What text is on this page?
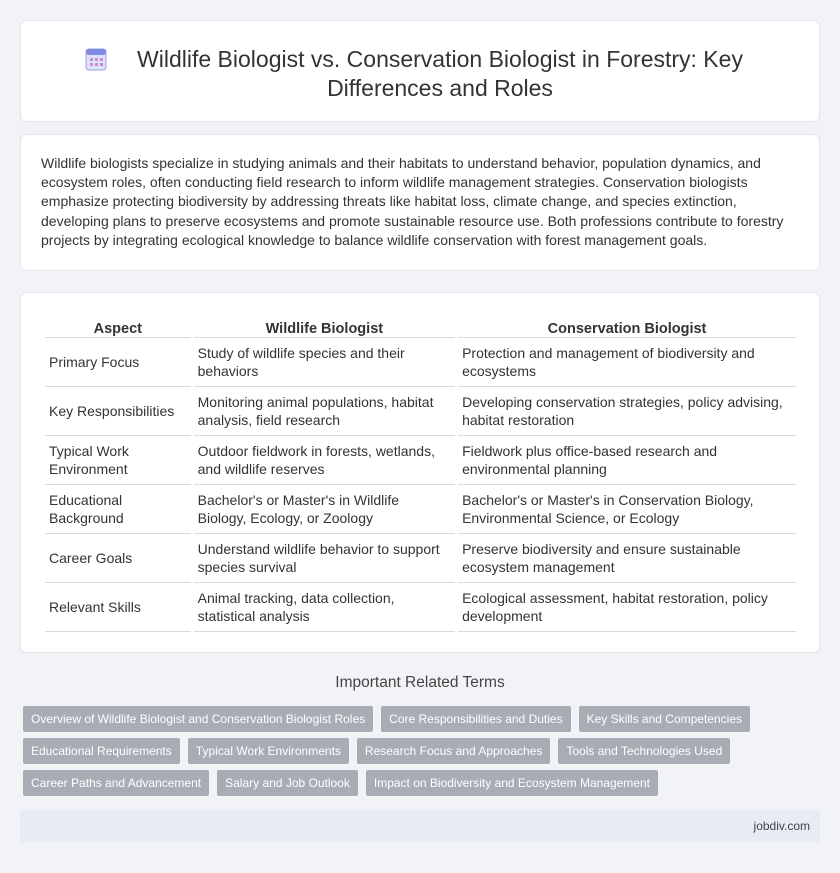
Wildlife Biologist vs. Conservation Biologist in Forestry: Key Differences and Roles

Wildlife biologists specialize in studying animals and their habitats to understand behavior, population dynamics, and ecosystem roles, often conducting field research to inform wildlife management strategies. Conservation biologists emphasize protecting biodiversity by addressing threats like habitat loss, climate change, and species extinction, developing plans to preserve ecosystems and promote sustainable resource use. Both professions contribute to forestry projects by integrating ecological knowledge to balance wildlife conservation with forest management goals.

Aspect	Wildlife Biologist	Conservation Biologist
Primary Focus	Study of wildlife species and their behaviors	Protection and management of biodiversity and ecosystems
Key Responsibilities	Monitoring animal populations, habitat analysis, field research	Developing conservation strategies, policy advising, habitat restoration
Typical Work Environment	Outdoor fieldwork in forests, wetlands, and wildlife reserves	Fieldwork plus office-based research and environmental planning
Educational Background	Bachelor's or Master's in Wildlife Biology, Ecology, or Zoology	Bachelor's or Master's in Conservation Biology, Environmental Science, or Ecology
Career Goals	Understand wildlife behavior to support species survival	Preserve biodiversity and ensure sustainable ecosystem management
Relevant Skills	Animal tracking, data collection, statistical analysis	Ecological assessment, habitat restoration, policy development
Important Related Terms
Overview of Wildlife Biologist and Conservation Biologist Roles	Core Responsibilities and Duties	Key Skills and Competencies
Educational Requirements	Typical Work Environments	Research Focus and Approaches	Tools and Technologies Used
Career Paths and Advancement	Salary and Job Outlook	Impact on Biodiversity and Ecosystem Management
jobdiv.com
